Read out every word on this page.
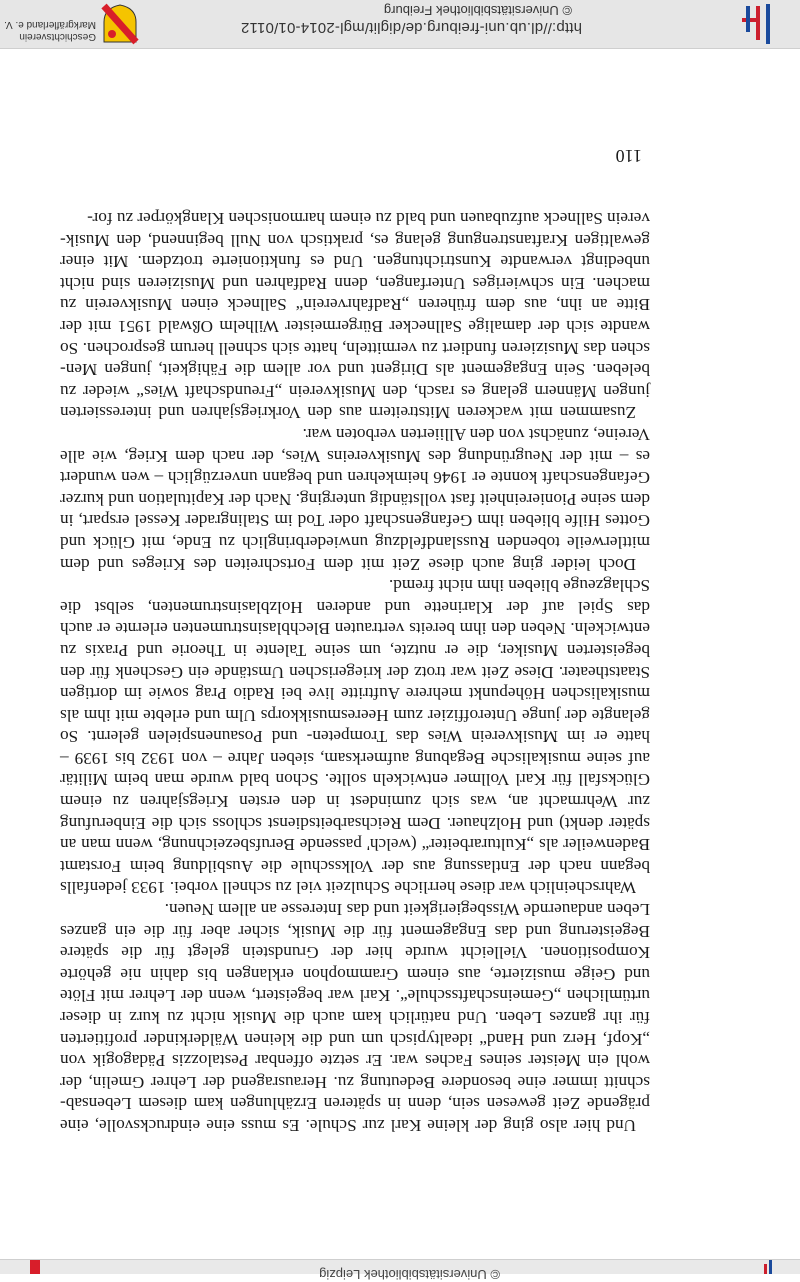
© Universitätsbibliothek Leipzig

Und hier also ging der kleine Karl zur Schule. Es muss eine eindrucksvolle, eine prägende Zeit gewesen sein, denn in späteren Erzählungen kam diesem Lebensabschnitt immer eine besondere Bedeutung zu. Herausragend der Lehrer Gmelin, der wohl ein Meister seines Faches war. Er setzte offenbar Pestalozzis Pädagogik von „Kopf, Herz und Hand“ idealtypisch um und die kleinen Wälderkinder profitierten für ihr ganzes Leben. Und natürlich kam auch die Musik nicht zu kurz in dieser urtümlichen „Gemeinschaftsschule“. Karl war begeistert, wenn der Lehrer mit Flöte und Geige musizierte, aus einem Grammophon erklangen bis dahin nie gehörte Kompositionen. Vielleicht wurde hier der Grundstein gelegt für die spätere Begeisterung und das Engagement für die Musik, sicher aber für die ein ganzes Leben andauernde Wissbegierigkeit und das Interesse an allem Neuen.

Wahrscheinlich war diese herrliche Schulzeit viel zu schnell vorbei. 1933 jedenfalls begann nach der Entlassung aus der Volksschule die Ausbildung beim Forstamt Badenweiler als „Kulturarbeiter“ (welch' passende Berufsbezeichnung, wenn man an später denkt) und Holzhauer. Dem Reichsarbeitsdienst schloss sich die Einberufung zur Wehrmacht an, was sich zumindest in den ersten Kriegsjahren zu einem Glücksfall für Karl Vollmer entwickeln sollte. Schon bald wurde man beim Militär auf seine musikalische Begabung aufmerksam, sieben Jahre – von 1932 bis 1939 – hatte er im Musikverein Wies das Trompeten- und Posaunenspielen gelernt. So gelangte der junge Unteroffizier zum Heeresmusikkorps Ulm und erlebte mit ihm als musikalischen Höhepunkt mehrere Auftritte live bei Radio Prag sowie im dortigen Staatstheater. Diese Zeit war trotz der kriegerischen Umstände ein Geschenk für den begeisterten Musiker, die er nutzte, um seine Talente in Theorie und Praxis zu entwickeln. Neben den ihm bereits vertrauten Blechblasinstrumenten erlernte er auch das Spiel auf der Klarinette und anderen Holzblasinstrumenten, selbst die Schlagzeuge blieben ihm nicht fremd.

Doch leider ging auch diese Zeit mit dem Fortschreiten des Krieges und dem mittlerweile tobenden Russlandfeldzug unwiederbringlich zu Ende, mit Glück und Gottes Hilfe blieben ihm Gefangenschaft oder Tod im Stalingrader Kessel erspart, in dem seine Pioniereinheit fast vollständig unterging. Nach der Kapitulation und kurzer Gefangenschaft konnte er 1946 heimkehren und begann unverzüglich – wen wundert es – mit der Neugründung des Musikvereins Wies, der nach dem Krieg, wie alle Vereine, zunächst von den Alliierten verboten war.

Zusammen mit wackeren Mitstreitern aus den Vorkriegsjahren und interessierten jungen Männern gelang es rasch, den Musikverein „Freundschaft Wies“ wieder zu beleben. Sein Engagement als Dirigent und vor allem die Fähigkeit, jungen Menschen das Musizieren fundiert zu vermitteln, hatte sich schnell herum gesprochen. So wandte sich der damalige Sallnecker Bürgermeister Wilhelm Oßwald 1951 mit der Bitte an ihn, aus dem früheren „Radfahrverein“ Sallneck einen Musikverein zu machen. Ein schwieriges Unterfangen, denn Radfahren und Musizieren sind nicht unbedingt verwandte Kunstrichtungen. Und es funktionierte trotzdem. Mit einer gewaltigen Kraftanstrengung gelang es, praktisch von Null beginnend, den Musikverein Sallneck aufzubauen und bald zu einem harmonischen Klangkörper zu for-

110
http://dl.ub.uni-freiburg.de/diglit/mgl-2014-01/0112
© Universitätsbibliothek Freiburg
Geschichtsverein Markgräflerland e. V.
